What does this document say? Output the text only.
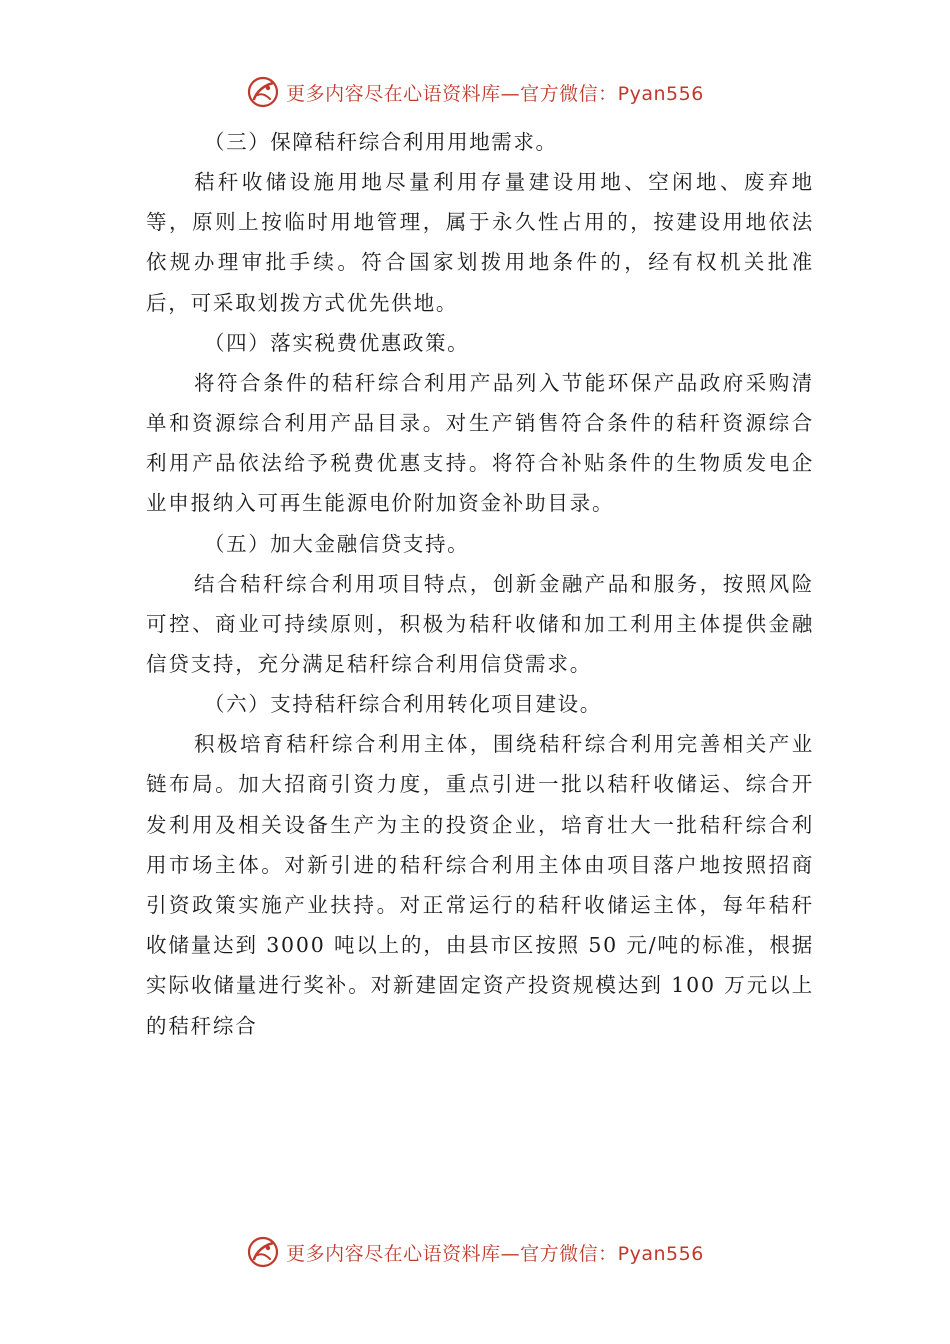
更多内容尽在心语资料库—官方微信：Pyan556

（三）保障秸秆综合利用用地需求。

秸秆收储设施用地尽量利用存量建设用地、空闲地、废弃地等，原则上按临时用地管理，属于永久性占用的，按建设用地依法依规办理审批手续。符合国家划拨用地条件的，经有权机关批准后，可采取划拨方式优先供地。

（四）落实税费优惠政策。

将符合条件的秸秆综合利用产品列入节能环保产品政府采购清单和资源综合利用产品目录。对生产销售符合条件的秸秆资源综合利用产品依法给予税费优惠支持。将符合补贴条件的生物质发电企业申报纳入可再生能源电价附加资金补助目录。

（五）加大金融信贷支持。

结合秸秆综合利用项目特点，创新金融产品和服务，按照风险可控、商业可持续原则，积极为秸秆收储和加工利用主体提供金融信贷支持，充分满足秸秆综合利用信贷需求。

（六）支持秸秆综合利用转化项目建设。

积极培育秸秆综合利用主体，围绕秸秆综合利用完善相关产业链布局。加大招商引资力度，重点引进一批以秸秆收储运、综合开发利用及相关设备生产为主的投资企业，培育壮大一批秸秆综合利用市场主体。对新引进的秸秆综合利用主体由项目落户地按照招商引资政策实施产业扶持。对正常运行的秸秆收储运主体，每年秸秆收储量达到 3000 吨以上的，由县市区按照 50 元/吨的标准，根据实际收储量进行奖补。对新建固定资产投资规模达到 100 万元以上的秸秆综合

更多内容尽在心语资料库—官方微信：Pyan556
